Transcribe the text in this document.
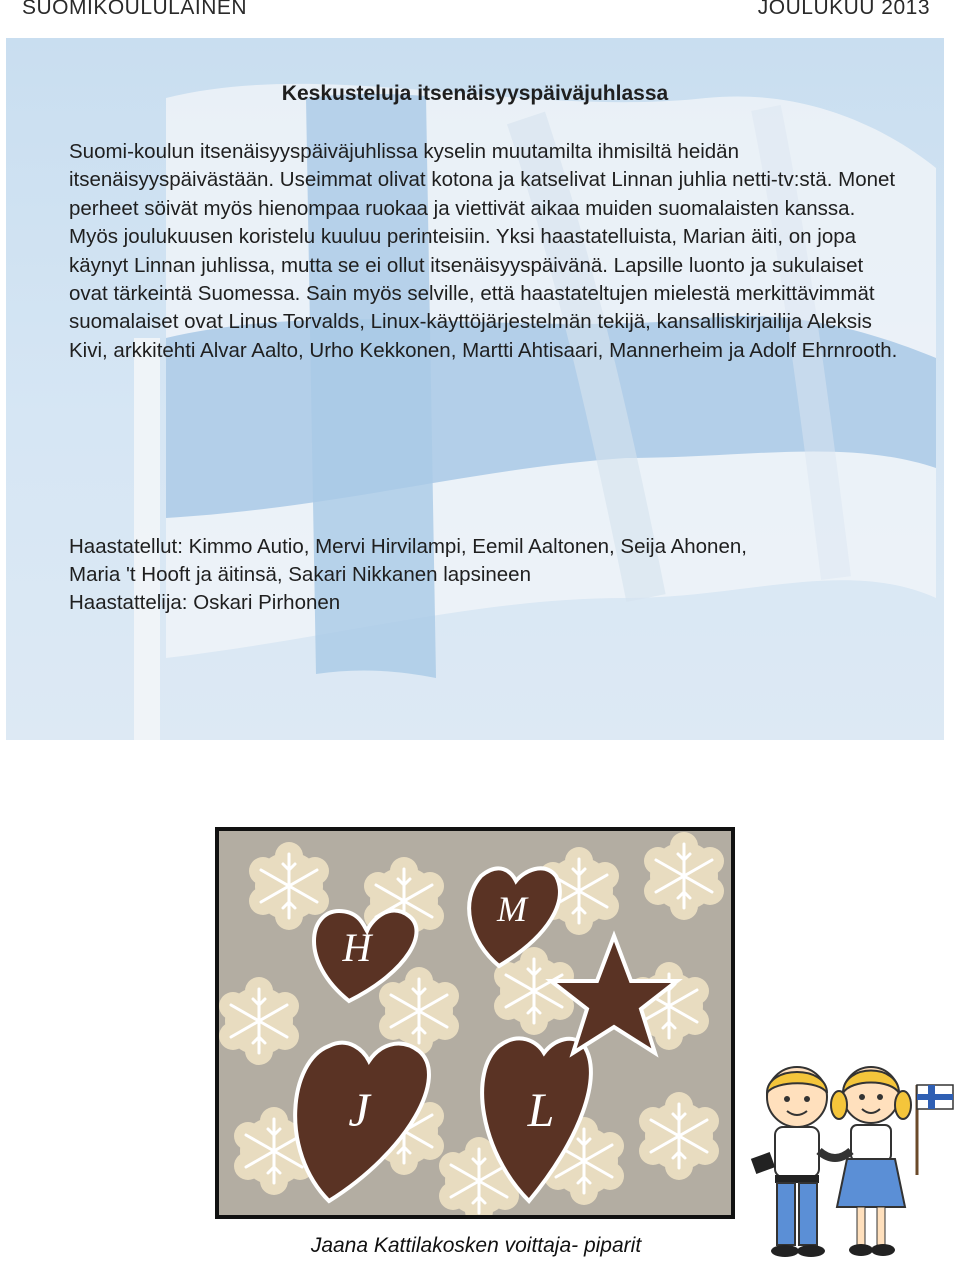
SUOMIKOULULAINEN	JOULUKUU 2013
Keskusteluja itsenäisyyspäiväjuhlassa
Suomi-koulun itsenäisyyspäiväjuhlissa kyselin muutamilta ihmisiltä heidän itsenäisyyspäivästään. Useimmat olivat kotona ja katselivat Linnan juhlia netti-tv:stä. Monet perheet söivät myös hienompaa ruokaa ja viettivät aikaa muiden suomalaisten kanssa. Myös joulukuusen koristelu kuuluu perinteisiin. Yksi haastatelluista, Marian äiti, on jopa käynyt Linnan juhlissa, mutta se ei ollut itsenäisyyspäivänä. Lapsille luonto ja sukulaiset ovat tärkeintä Suomessa. Sain myös selville, että haastateltujen mielestä merkittävimmät suomalaiset ovat Linus Torvalds, Linux-käyttöjärjestelmän tekijä, kansalliskirjailija Aleksis Kivi, arkkitehti Alvar Aalto, Urho Kekkonen, Martti Ahtisaari, Mannerheim ja Adolf Ehrnrooth.
Haastatellut: Kimmo Autio, Mervi Hirvilampi, Eemil Aaltonen, Seija Ahonen,
Maria 't Hooft ja äitinsä, Sakari Nikkanen lapsineen
Haastattelija: Oskari Pirhonen
H
M
J	L
Jaana Kattilakosken voittaja- piparit
